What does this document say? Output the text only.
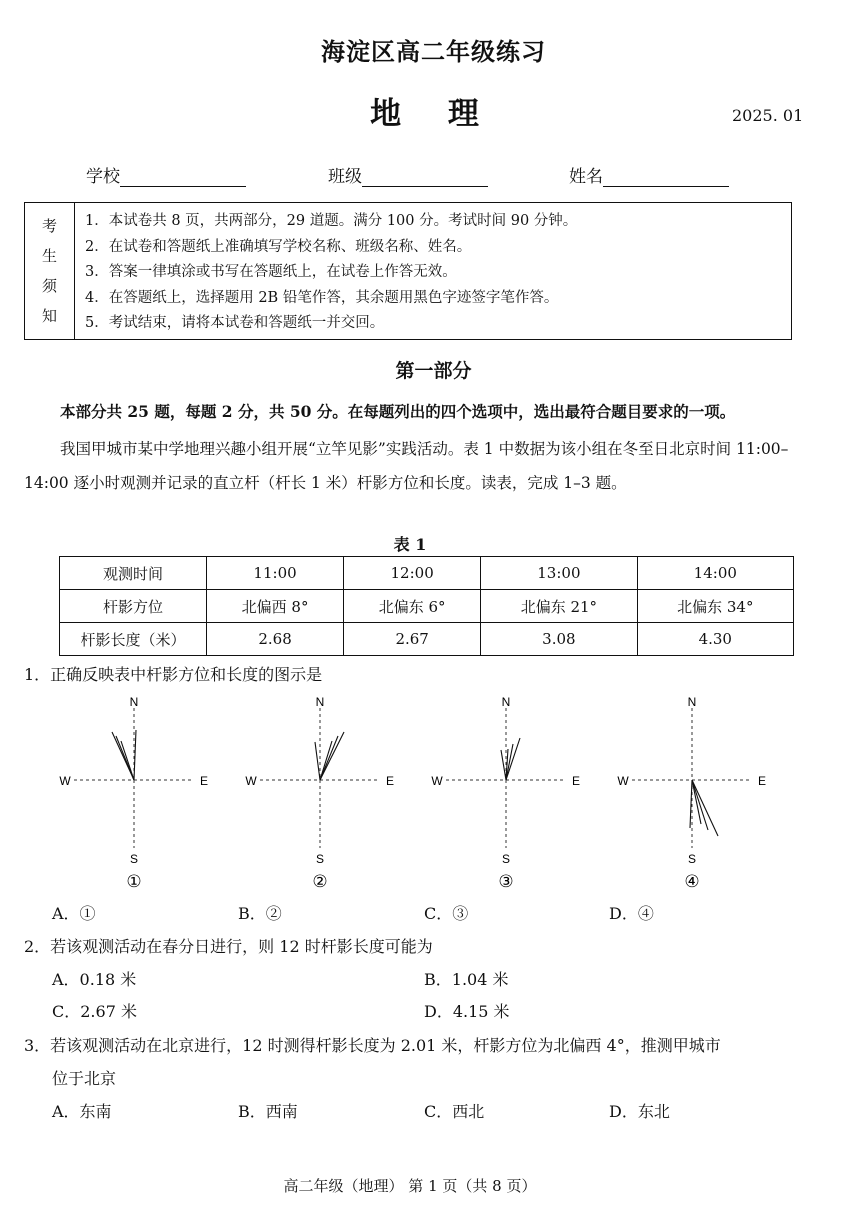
海淀区高二年级练习
地 理	2025. 01
学校	班级	姓名
考
生
须
知
1．本试卷共 8 页，共两部分，29 道题。满分 100 分。考试时间 90 分钟。
2．在试卷和答题纸上准确填写学校名称、班级名称、姓名。
3．答案一律填涂或书写在答题纸上，在试卷上作答无效。
4．在答题纸上，选择题用 2B 铅笔作答，其余题用黑色字迹签字笔作答。
5．考试结束，请将本试卷和答题纸一并交回。
第一部分
本部分共 25 题，每题 2 分，共 50 分。在每题列出的四个选项中，选出最符合题目要求的一项。
我国甲城市某中学地理兴趣小组开展“立竿见影”实践活动。表 1 中数据为该小组在冬至日北京时间 11:00–14:00 逐小时观测并记录的直立杆（杆长 1 米）杆影方位和长度。读表，完成 1–3 题。
表 1
观测时间	11:00	12:00	13:00	14:00
杆影方位	北偏西 8°	北偏东 6°	北偏东 21°	北偏东 34°
杆影长度（米）	2.68	2.67	3.08	4.30
1．正确反映表中杆影方位和长度的图示是
N
S
W	E
①
N
S
W	E
②
N
S
W	E
③
N
S
W	E
④
A．①	B．②	C．③	D．④
2．若该观测活动在春分日进行，则 12 时杆影长度可能为
A．0.18 米	B．1.04 米
C．2.67 米	D．4.15 米
3．若该观测活动在北京进行，12 时测得杆影长度为 2.01 米，杆影方位为北偏西 4°，推测甲城市
位于北京
A．东南	B．西南	C．西北	D．东北
高二年级（地理） 第 1 页（共 8 页）
